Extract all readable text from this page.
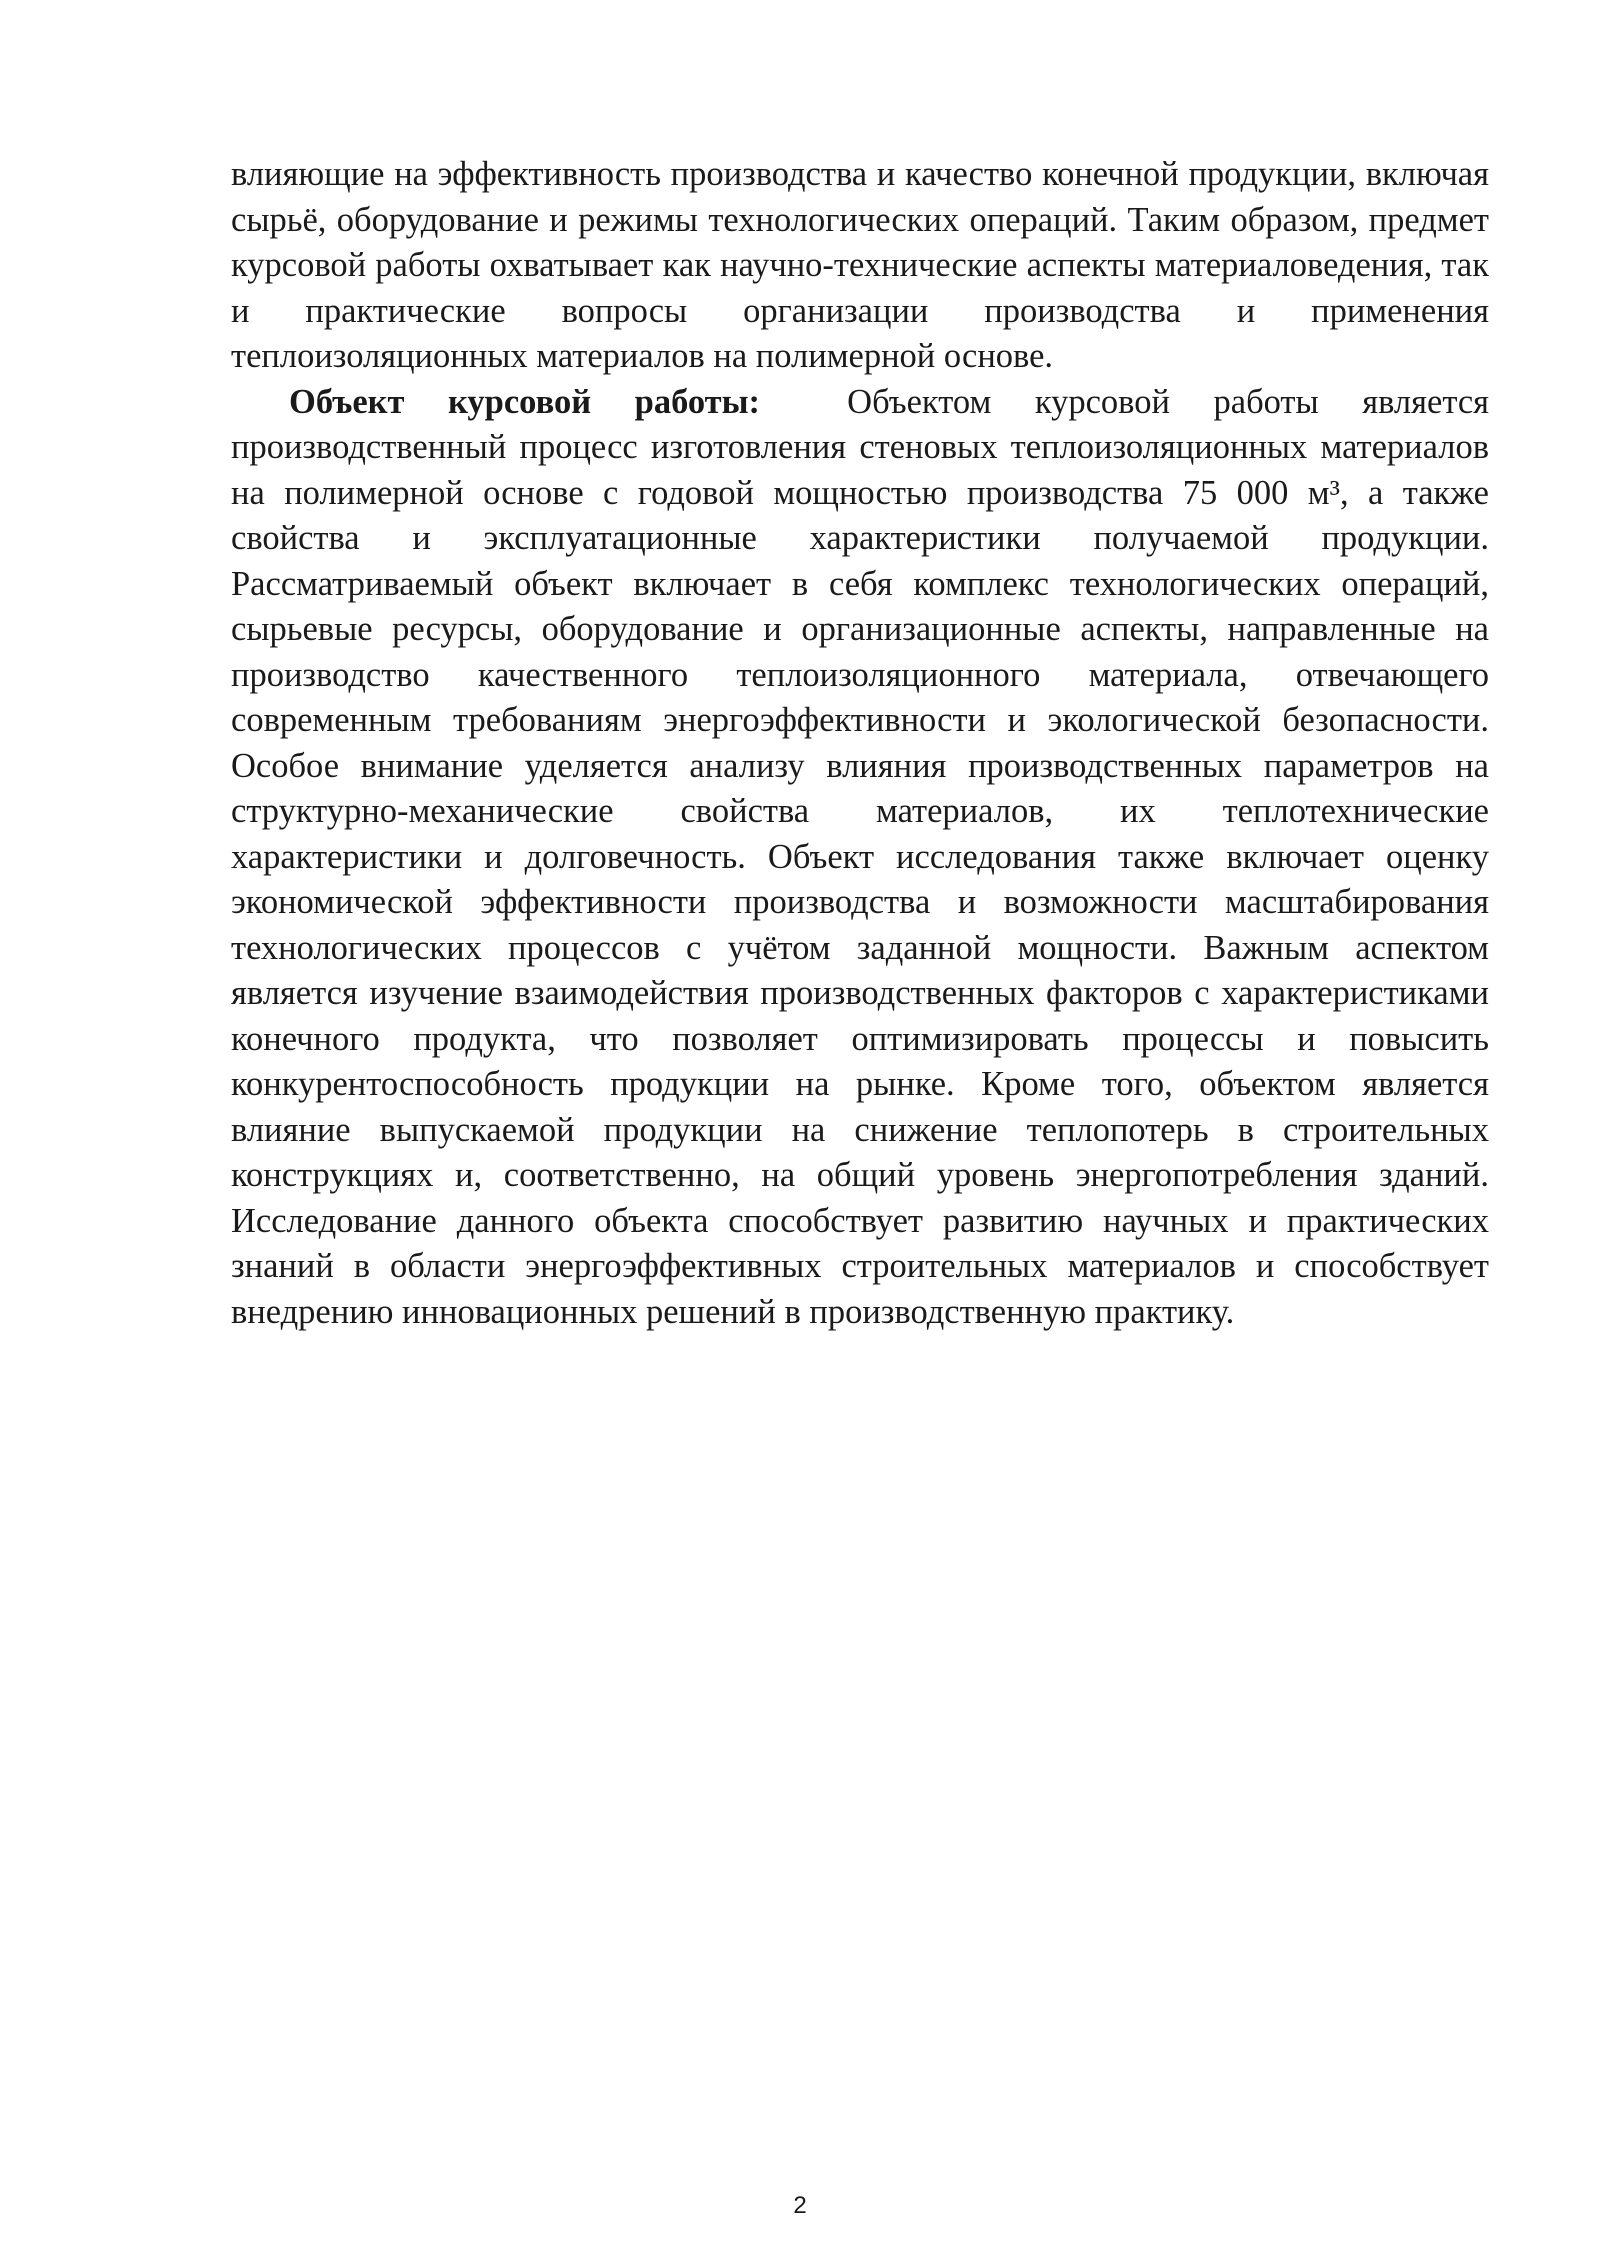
влияющие на эффективность производства и качество конечной продукции, включая сырьё, оборудование и режимы технологических операций. Таким образом, предмет курсовой работы охватывает как научно-технические аспекты материаловедения, так и практические вопросы организации производства и применения теплоизоляционных материалов на полимерной основе.

Объект курсовой работы:	Объектом курсовой работы является производственный процесс изготовления стеновых теплоизоляционных материалов на полимерной основе с годовой мощностью производства 75 000 м³, а также свойства и эксплуатационные характеристики получаемой продукции. Рассматриваемый объект включает в себя комплекс технологических операций, сырьевые ресурсы, оборудование и организационные аспекты, направленные на производство качественного теплоизоляционного материала, отвечающего современным требованиям энергоэффективности и экологической безопасности. Особое внимание уделяется анализу влияния производственных параметров на структурно-механические свойства материалов, их теплотехнические характеристики и долговечность. Объект исследования также включает оценку экономической эффективности производства и возможности масштабирования технологических процессов с учётом заданной мощности. Важным аспектом является изучение взаимодействия производственных факторов с характеристиками конечного продукта, что позволяет оптимизировать процессы и повысить конкурентоспособность продукции на рынке. Кроме того, объектом является влияние выпускаемой продукции на снижение теплопотерь в строительных конструкциях и, соответственно, на общий уровень энергопотребления зданий. Исследование данного объекта способствует развитию научных и практических знаний в области энергоэффективных строительных материалов и способствует внедрению инновационных решений в производственную практику.

2
